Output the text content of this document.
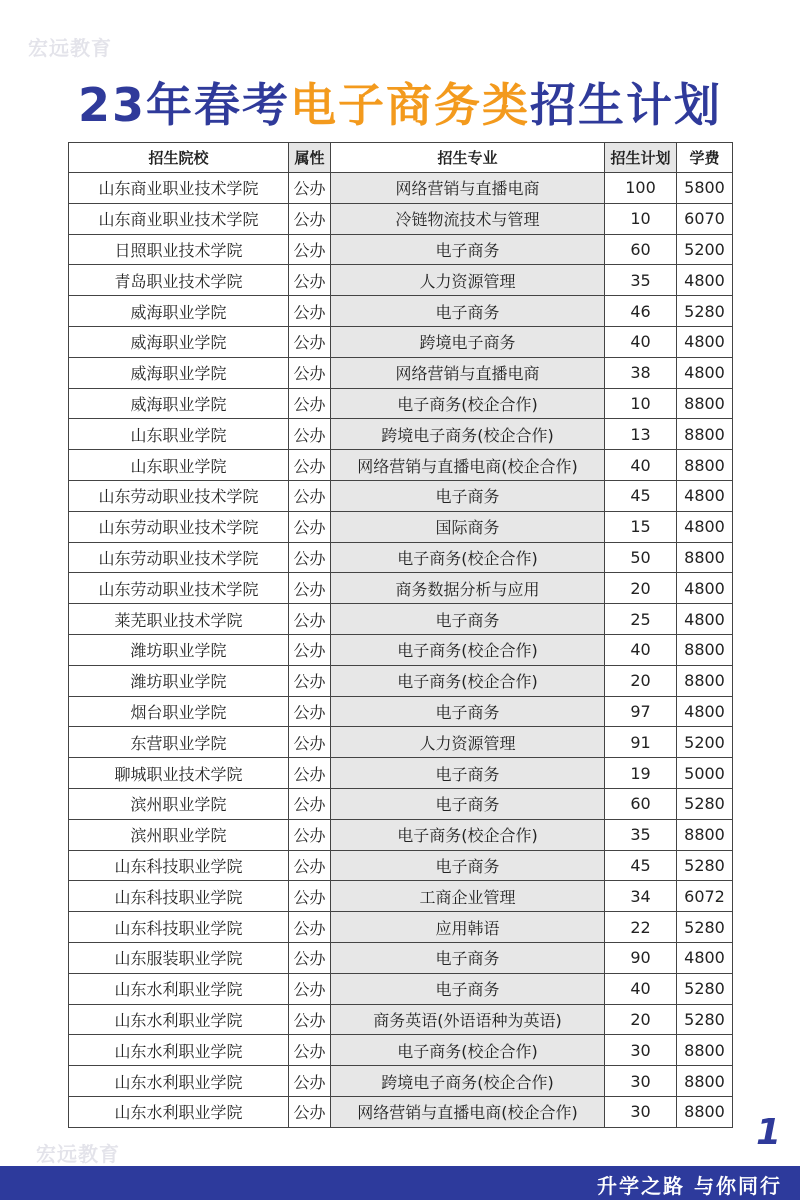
宏远教育
23年春考电子商务类招生计划
招生院校	属性	招生专业	招生计划	学费
山东商业职业技术学院	公办	网络营销与直播电商	100	5800
山东商业职业技术学院	公办	冷链物流技术与管理	10	6070
日照职业技术学院	公办	电子商务	60	5200
青岛职业技术学院	公办	人力资源管理	35	4800
威海职业学院	公办	电子商务	46	5280
威海职业学院	公办	跨境电子商务	40	4800
威海职业学院	公办	网络营销与直播电商	38	4800
威海职业学院	公办	电子商务(校企合作)	10	8800
山东职业学院	公办	跨境电子商务(校企合作)	13	8800
山东职业学院	公办	网络营销与直播电商(校企合作)	40	8800
山东劳动职业技术学院	公办	电子商务	45	4800
山东劳动职业技术学院	公办	国际商务	15	4800
山东劳动职业技术学院	公办	电子商务(校企合作)	50	8800
山东劳动职业技术学院	公办	商务数据分析与应用	20	4800
莱芜职业技术学院	公办	电子商务	25	4800
潍坊职业学院	公办	电子商务(校企合作)	40	8800
潍坊职业学院	公办	电子商务(校企合作)	20	8800
烟台职业学院	公办	电子商务	97	4800
东营职业学院	公办	人力资源管理	91	5200
聊城职业技术学院	公办	电子商务	19	5000
滨州职业学院	公办	电子商务	60	5280
滨州职业学院	公办	电子商务(校企合作)	35	8800
山东科技职业学院	公办	电子商务	45	5280
山东科技职业学院	公办	工商企业管理	34	6072
山东科技职业学院	公办	应用韩语	22	5280
山东服装职业学院	公办	电子商务	90	4800
山东水利职业学院	公办	电子商务	40	5280
山东水利职业学院	公办	商务英语(外语语种为英语)	20	5280
山东水利职业学院	公办	电子商务(校企合作)	30	8800
山东水利职业学院	公办	跨境电子商务(校企合作)	30	8800
山东水利职业学院	公办	网络营销与直播电商(校企合作)	30	8800
1
宏远教育
升学之路 与你同行
